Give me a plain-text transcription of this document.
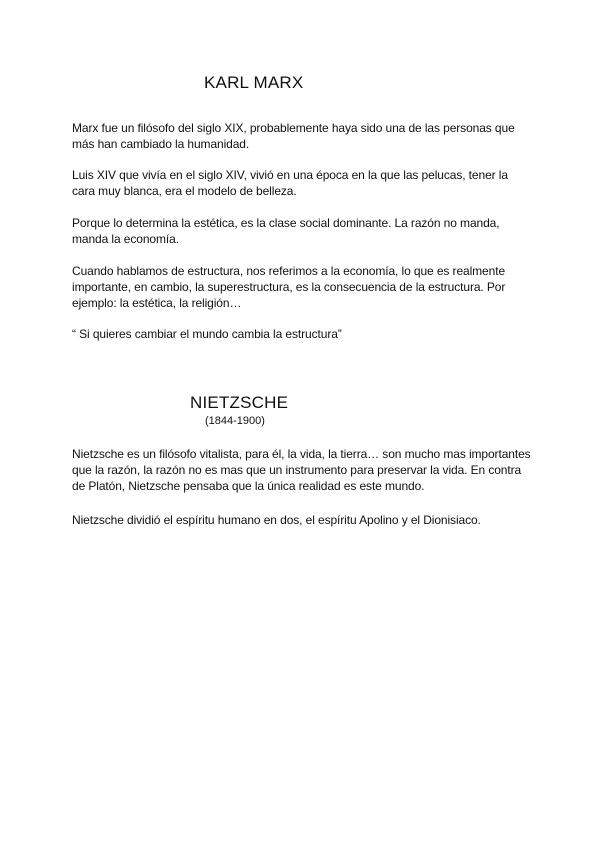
KARL MARX

Marx fue un filósofo del siglo XIX, probablemente haya sido una de las personas que más han cambiado la humanidad.

Luis XIV que vivía en el siglo XIV, vivió en una época en la que las pelucas, tener la cara muy blanca, era el modelo de belleza.

Porque lo determina la estética, es la clase social dominante. La razón no manda, manda la economía.

Cuando hablamos de estructura, nos referimos a la economía, lo que es realmente importante, en cambio, la superestructura, es la consecuencia de la estructura. Por ejemplo: la estética, la religión…

“ Si quieres cambiar el mundo cambia la estructura”

NIETZSCHE
(1844-1900)

Nietzsche es un filósofo vitalista, para él, la vida, la tierra… son mucho mas importantes que la razón, la razón no es mas que un instrumento para preservar la vida. En contra de Platón, Nietzsche pensaba que la única realidad es este mundo.

Nietzsche dividió el espíritu humano en dos, el espíritu Apolino y el Dionisiaco.
